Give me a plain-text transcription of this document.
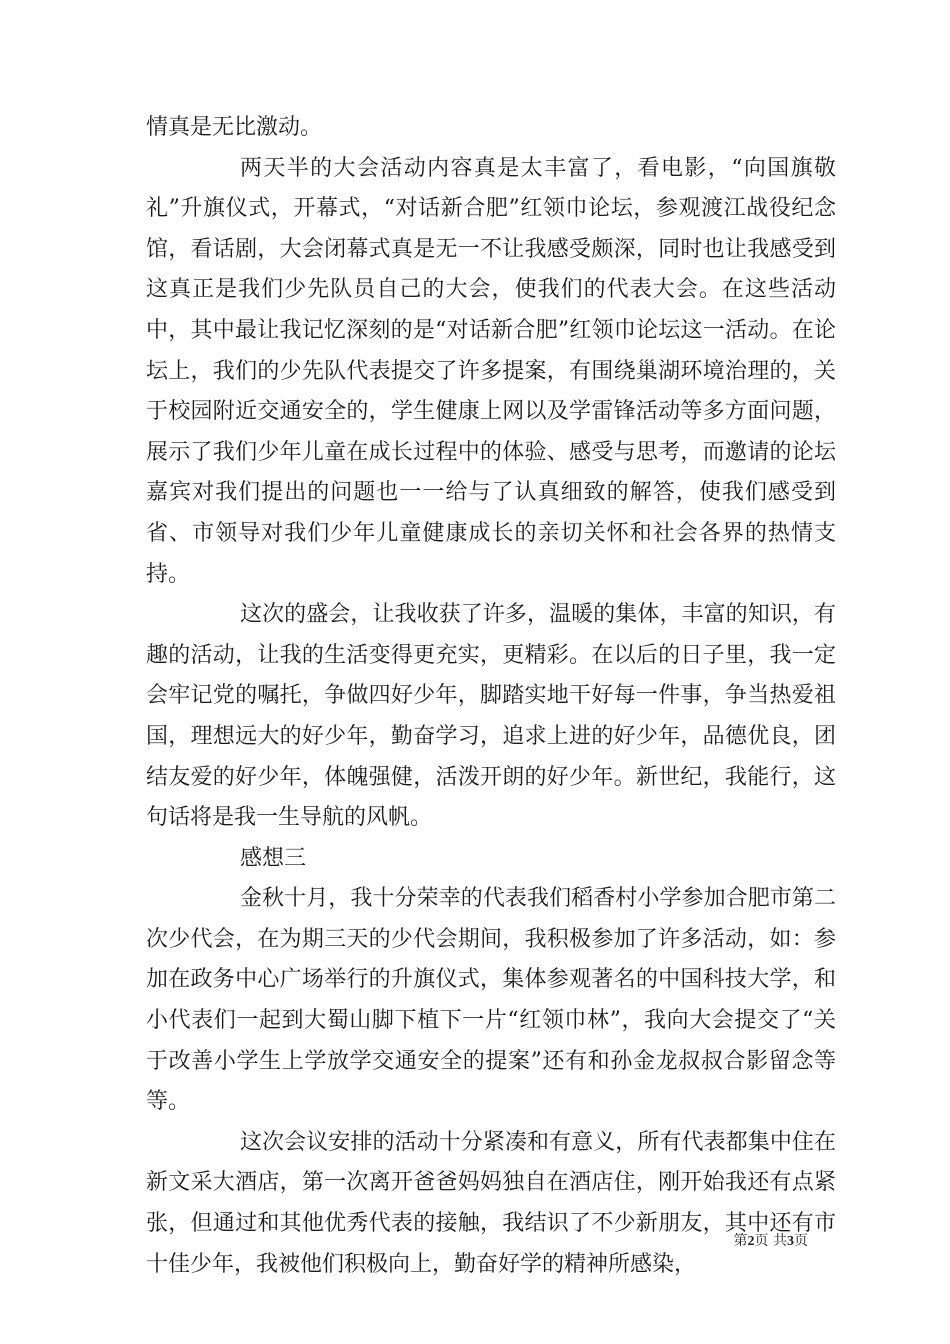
情真是无比激动。

两天半的大会活动内容真是太丰富了，看电影，“向国旗敬礼”升旗仪式，开幕式，“对话新合肥”红领巾论坛，参观渡江战役纪念馆，看话剧，大会闭幕式真是无一不让我感受颇深，同时也让我感受到这真正是我们少先队员自己的大会，使我们的代表大会。在这些活动中，其中最让我记忆深刻的是“对话新合肥”红领巾论坛这一活动。在论坛上，我们的少先队代表提交了许多提案，有围绕巢湖环境治理的，关于校园附近交通安全的，学生健康上网以及学雷锋活动等多方面问题，展示了我们少年儿童在成长过程中的体验、感受与思考，而邀请的论坛嘉宾对我们提出的问题也一一给与了认真细致的解答，使我们感受到省、市领导对我们少年儿童健康成长的亲切关怀和社会各界的热情支持。

这次的盛会，让我收获了许多，温暖的集体，丰富的知识，有趣的活动，让我的生活变得更充实，更精彩。在以后的日子里，我一定会牢记党的嘱托，争做四好少年，脚踏实地干好每一件事，争当热爱祖国，理想远大的好少年，勤奋学习，追求上进的好少年，品德优良，团结友爱的好少年，体魄强健，活泼开朗的好少年。新世纪，我能行，这句话将是我一生导航的风帆。

感想三

金秋十月，我十分荣幸的代表我们稻香村小学参加合肥市第二次少代会，在为期三天的少代会期间，我积极参加了许多活动，如：参加在政务中心广场举行的升旗仪式，集体参观著名的中国科技大学，和小代表们一起到大蜀山脚下植下一片“红领巾林”，我向大会提交了“关于改善小学生上学放学交通安全的提案”还有和孙金龙叔叔合影留念等等。

这次会议安排的活动十分紧凑和有意义，所有代表都集中住在新文采大酒店，第一次离开爸爸妈妈独自在酒店住，刚开始我还有点紧张，但通过和其他优秀代表的接触，我结识了不少新朋友，其中还有市十佳少年，我被他们积极向上，勤奋好学的精神所感染，

第2页 共3页
